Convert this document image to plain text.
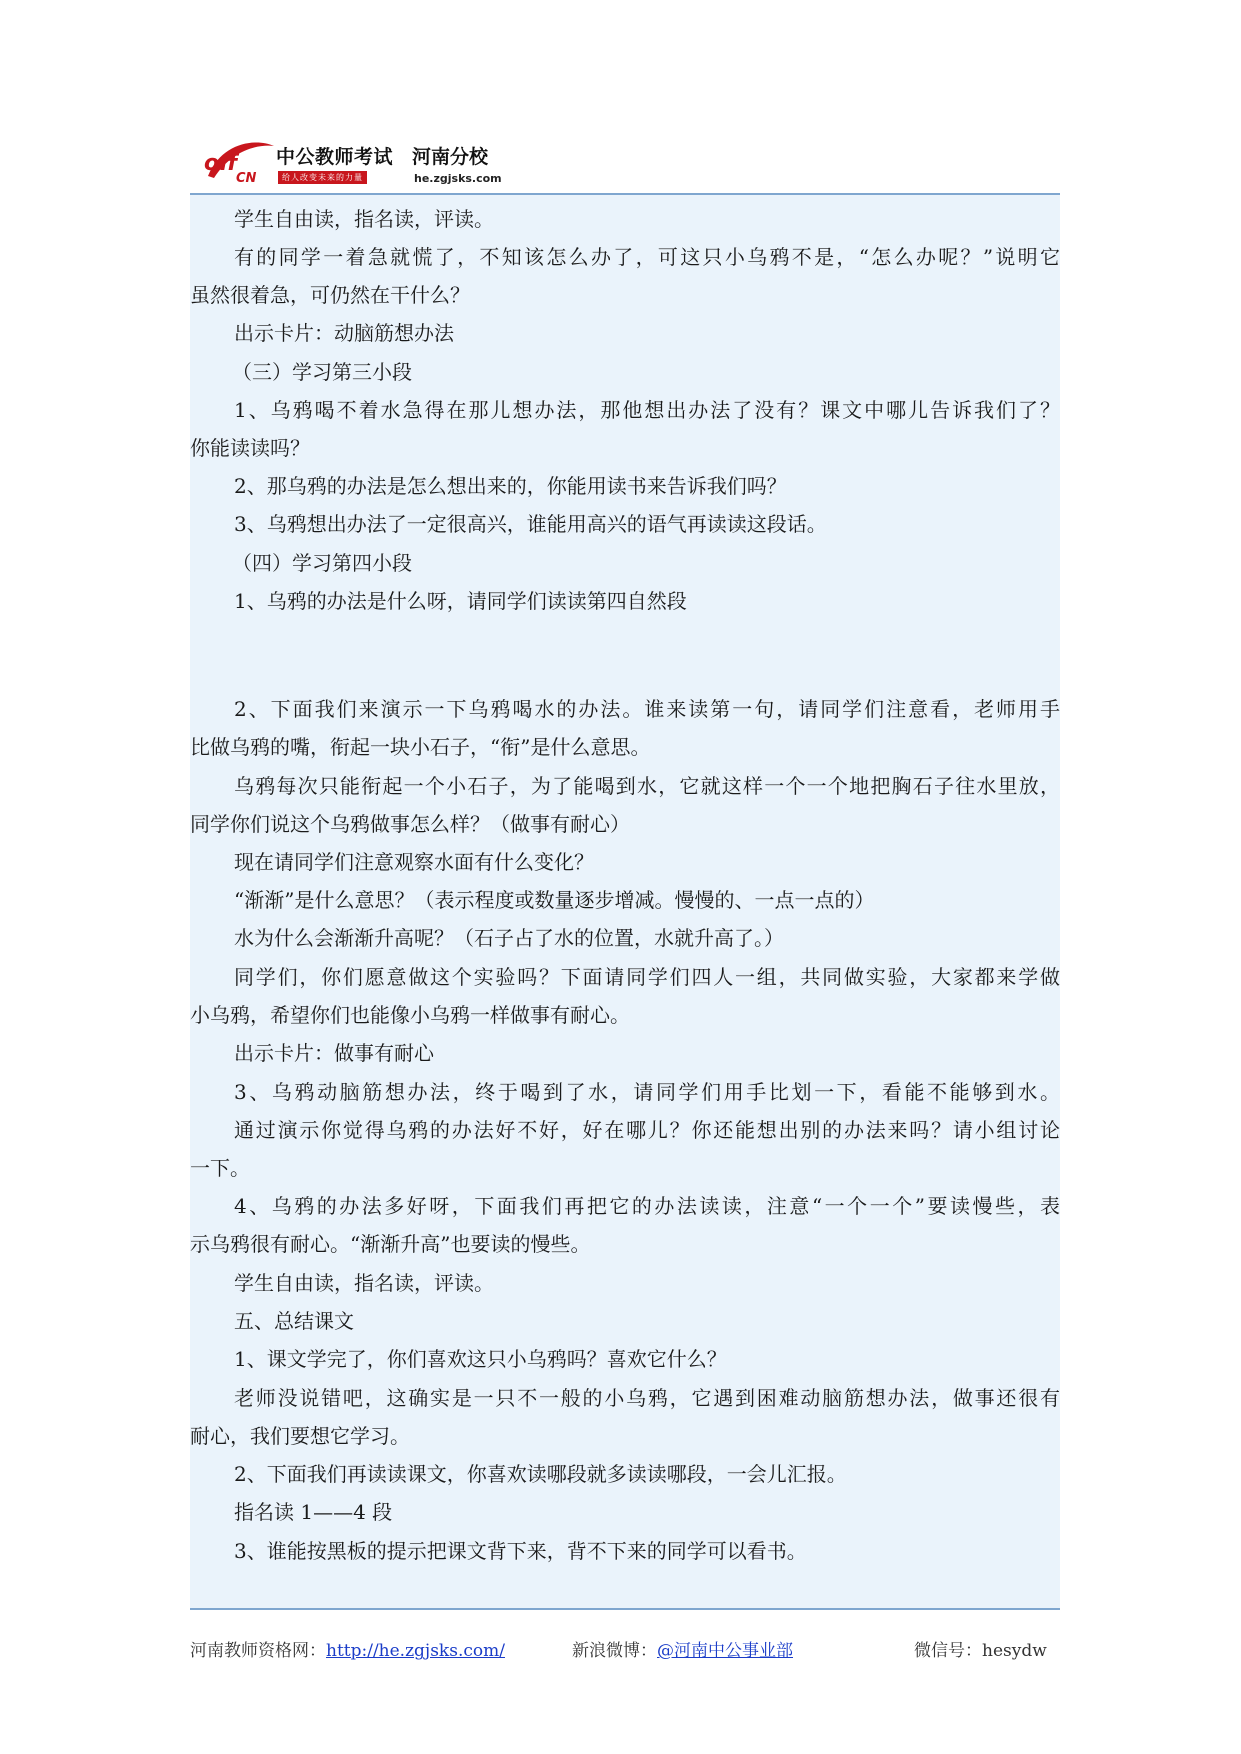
off
CN
中公教师考试
给人改变未来的力量
河南分校
he.zgjsks.com
学生自由读，指名读，评读。
有的同学一着急就慌了，不知该怎么办了，可这只小乌鸦不是，“怎么办呢？”说明它
虽然很着急，可仍然在干什么？
出示卡片：动脑筋想办法
（三）学习第三小段
1、乌鸦喝不着水急得在那儿想办法，那他想出办法了没有？课文中哪儿告诉我们了？
你能读读吗？
2、那乌鸦的办法是怎么想出来的，你能用读书来告诉我们吗？
3、乌鸦想出办法了一定很高兴，谁能用高兴的语气再读读这段话。
（四）学习第四小段
1、乌鸦的办法是什么呀，请同学们读读第四自然段
2、下面我们来演示一下乌鸦喝水的办法。谁来读第一句，请同学们注意看，老师用手
比做乌鸦的嘴，衔起一块小石子，“衔”是什么意思。
乌鸦每次只能衔起一个小石子，为了能喝到水，它就这样一个一个地把胸石子往水里放，
同学你们说这个乌鸦做事怎么样？（做事有耐心）
现在请同学们注意观察水面有什么变化？
“渐渐”是什么意思？（表示程度或数量逐步增减。慢慢的、一点一点的）
水为什么会渐渐升高呢？（石子占了水的位置，水就升高了。）
同学们，你们愿意做这个实验吗？下面请同学们四人一组，共同做实验，大家都来学做
小乌鸦，希望你们也能像小乌鸦一样做事有耐心。
出示卡片：做事有耐心
3、乌鸦动脑筋想办法，终于喝到了水，请同学们用手比划一下，看能不能够到水。
通过演示你觉得乌鸦的办法好不好，好在哪儿？你还能想出别的办法来吗？请小组讨论
一下。
4、乌鸦的办法多好呀，下面我们再把它的办法读读，注意“一个一个”要读慢些，表
示乌鸦很有耐心。“渐渐升高”也要读的慢些。
学生自由读，指名读，评读。
五、总结课文
1、课文学完了，你们喜欢这只小乌鸦吗？喜欢它什么？
老师没说错吧，这确实是一只不一般的小乌鸦，它遇到困难动脑筋想办法，做事还很有
耐心，我们要想它学习。
2、下面我们再读读课文，你喜欢读哪段就多读读哪段，一会儿汇报。
指名读 1——4 段
3、谁能按黑板的提示把课文背下来，背不下来的同学可以看书。
河南教师资格网：http://he.zgjsks.com/	新浪微博：@河南中公事业部	微信号：hesydw
